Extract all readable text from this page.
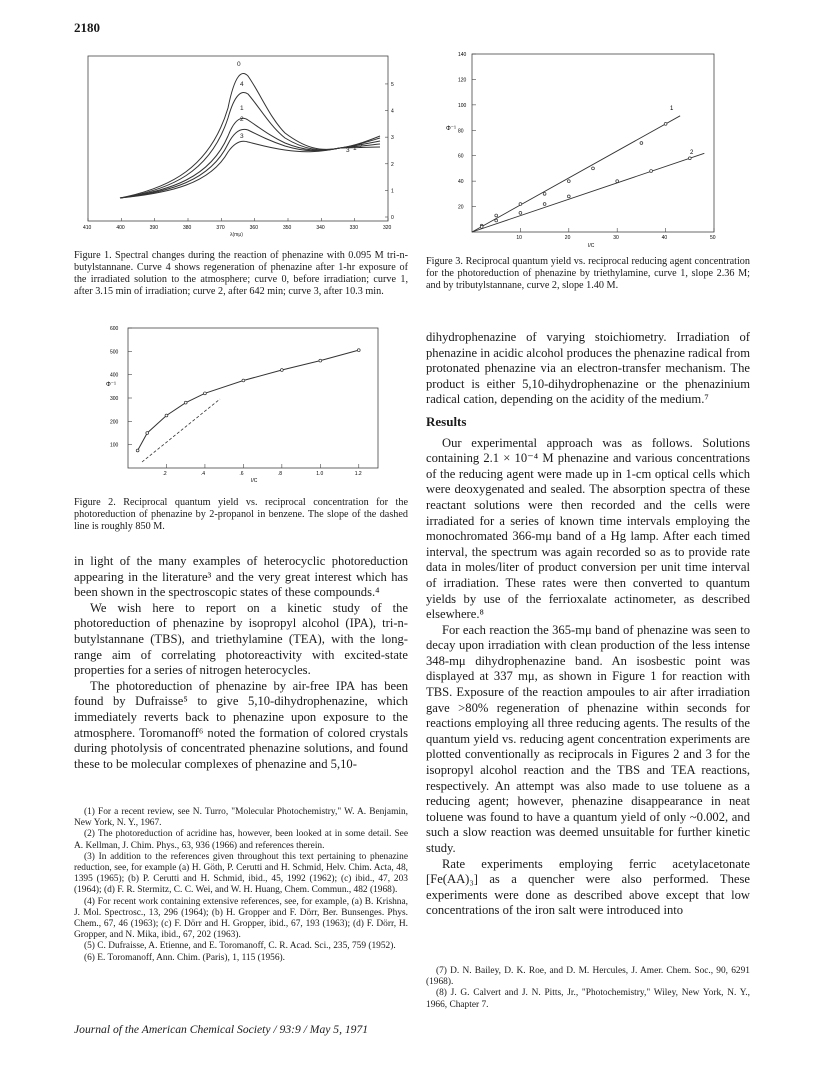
2180
410	400	390	380	370	360	350	340	330	320
0
1
2
3
4
5
0
4
1
2
3
3 1 2
λ(mμ)
Figure 1. Spectral changes during the reaction of phenazine with 0.095 M tri-n-butylstannane. Curve 4 shows regeneration of phenazine after 1-hr exposure of the irradiated solution to the atmosphere; curve 0, before irradiation; curve 1, after 3.15 min of irradiation; curve 2, after 642 min; curve 3, after 10.3 min.
100
200
300
400
500
600
.2	.4	.6	.8	1.0	1.2
Φ⁻¹
I/C
Figure 2. Reciprocal quantum yield vs. reciprocal concentration for the photoreduction of phenazine by 2-propanol in benzene. The slope of the dashed line is roughly 850 M.
20
40
60
80
100
120
140
10	20	30	40	50
Φ⁻¹
I/C
1
2
Figure 3. Reciprocal quantum yield vs. reciprocal reducing agent concentration for the photoreduction of phenazine by triethylamine, curve 1, slope 2.36 M; and by tributylstannane, curve 2, slope 1.40 M.

in light of the many examples of heterocyclic photoreduction appearing in the literature³ and the very great interest which has been shown in the spectroscopic states of these compounds.⁴

We wish here to report on a kinetic study of the photoreduction of phenazine by isopropyl alcohol (IPA), tri-n-butylstannane (TBS), and triethylamine (TEA), with the long-range aim of correlating photoreactivity with excited-state properties for a series of nitrogen heterocycles.

The photoreduction of phenazine by air-free IPA has been found by Dufraisse⁵ to give 5,10-dihydrophenazine, which immediately reverts back to phenazine upon exposure to the atmosphere. Toromanoff⁶ noted the formation of colored crystals during photolysis of concentrated phenazine solutions, and found these to be molecular complexes of phenazine and 5,10-

(1) For a recent review, see N. Turro, "Molecular Photochemistry," W. A. Benjamin, New York, N. Y., 1967.

(2) The photoreduction of acridine has, however, been looked at in some detail. See A. Kellman, J. Chim. Phys., 63, 936 (1966) and references therein.

(3) In addition to the references given throughout this text pertaining to phenazine reduction, see, for example (a) H. Göth, P. Cerutti and H. Schmid, Helv. Chim. Acta, 48, 1395 (1965); (b) P. Cerutti and H. Schmid, ibid., 45, 1992 (1962); (c) ibid., 47, 203 (1964); (d) F. R. Stermitz, C. C. Wei, and W. H. Huang, Chem. Commun., 482 (1968).

(4) For recent work containing extensive references, see, for example, (a) B. Krishna, J. Mol. Spectrosc., 13, 296 (1964); (b) H. Gropper and F. Dörr, Ber. Bunsenges. Phys. Chem., 67, 46 (1963); (c) F. Dörr and H. Gropper, ibid., 67, 193 (1963); (d) F. Dörr, H. Gropper, and N. Mika, ibid., 67, 202 (1963).

(5) C. Dufraisse, A. Etienne, and E. Toromanoff, C. R. Acad. Sci., 235, 759 (1952).

(6) E. Toromanoff, Ann. Chim. (Paris), 1, 115 (1956).

dihydrophenazine of varying stoichiometry. Irradiation of phenazine in acidic alcohol produces the phenazine radical from protonated phenazine via an electron-transfer mechanism. The product is either 5,10-dihydrophenazine or the phenazinium radical cation, depending on the acidity of the medium.⁷

Results

Our experimental approach was as follows. Solutions containing 2.1 × 10⁻⁴ M phenazine and various concentrations of the reducing agent were made up in 1-cm optical cells which were deoxygenated and sealed. The absorption spectra of these reactant solutions were then recorded and the cells were irradiated for a series of known time intervals employing the monochromated 366-mμ band of a Hg lamp. After each timed interval, the spectrum was again recorded so as to provide rate data in moles/liter of product conversion per unit time interval of irradiation. These rates were then converted to quantum yields by use of the ferrioxalate actinometer, as described elsewhere.⁸

For each reaction the 365-mμ band of phenazine was seen to decay upon irradiation with clean production of the less intense 348-mμ dihydrophenazine band. An isosbestic point was displayed at 337 mμ, as shown in Figure 1 for reaction with TBS. Exposure of the reaction ampoules to air after irradiation gave >80% regeneration of phenazine within seconds for reactions employing all three reducing agents. The results of the quantum yield vs. reducing agent concentration experiments are plotted conventionally as reciprocals in Figures 2 and 3 for the isopropyl alcohol reaction and the TBS and TEA reactions, respectively. An attempt was also made to use toluene as a reducing agent; however, phenazine disappearance in neat toluene was found to have a quantum yield of only ~0.002, and such a slow reaction was deemed unsuitable for further kinetic study.

Rate experiments employing ferric acetylacetonate [Fe(AA)₃] as a quencher were also performed. These experiments were done as described above except that low concentrations of the iron salt were introduced into

(7) D. N. Bailey, D. K. Roe, and D. M. Hercules, J. Amer. Chem. Soc., 90, 6291 (1968).

(8) J. G. Calvert and J. N. Pitts, Jr., "Photochemistry," Wiley, New York, N. Y., 1966, Chapter 7.

Journal of the American Chemical Society / 93:9 / May 5, 1971
